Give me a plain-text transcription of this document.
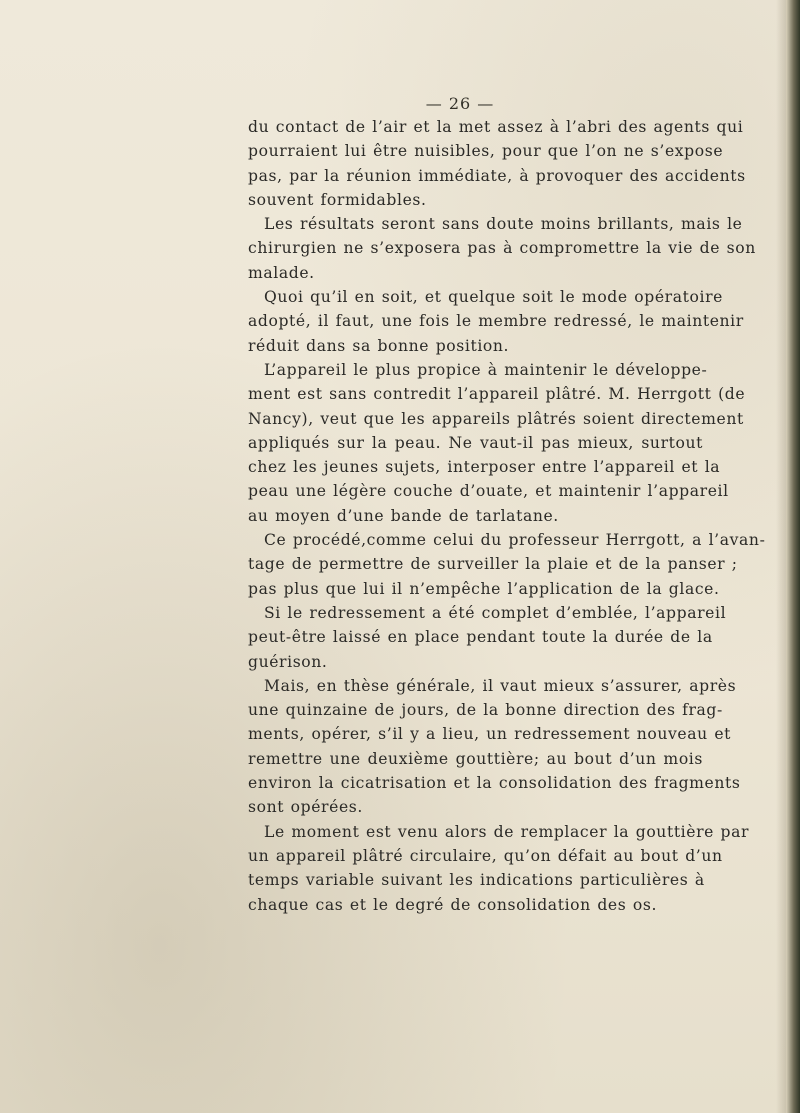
— 26 —
du contact de l’air et la met assez à l’abri des agents qui
pourraient lui être nuisibles, pour que l’on ne s’expose
pas, par la réunion immédiate, à provoquer des accidents
souvent formidables.
Les résultats seront sans doute moins brillants, mais le
chirurgien ne s’exposera pas à compromettre la vie de son
malade.
Quoi qu’il en soit, et quelque soit le mode opératoire
adopté, il faut, une fois le membre redressé, le maintenir
réduit dans sa bonne position.
L’appareil le plus propice à maintenir le développe-
ment est sans contredit l’appareil plâtré. M. Herrgott (de
Nancy), veut que les appareils plâtrés soient directement
appliqués sur la peau. Ne vaut-il pas mieux, surtout
chez les jeunes sujets, interposer entre l’appareil et la
peau une légère couche d’ouate, et maintenir l’appareil
au moyen d’une bande de tarlatane.
Ce procédé,comme celui du professeur Herrgott, a l’avan-
tage de permettre de surveiller la plaie et de la panser ;
pas plus que lui il n’empêche l’application de la glace.
Si le redressement a été complet d’emblée, l’appareil
peut-être laissé en place pendant toute la durée de la
guérison.
Mais, en thèse générale, il vaut mieux s’assurer, après
une quinzaine de jours, de la bonne direction des frag-
ments, opérer, s’il y a lieu, un redressement nouveau et
remettre une deuxième gouttière; au bout d’un mois
environ la cicatrisation et la consolidation des fragments
sont opérées.
Le moment est venu alors de remplacer la gouttière par
un appareil plâtré circulaire, qu’on défait au bout d’un
temps variable suivant les indications particulières à
chaque cas et le degré de consolidation des os.
